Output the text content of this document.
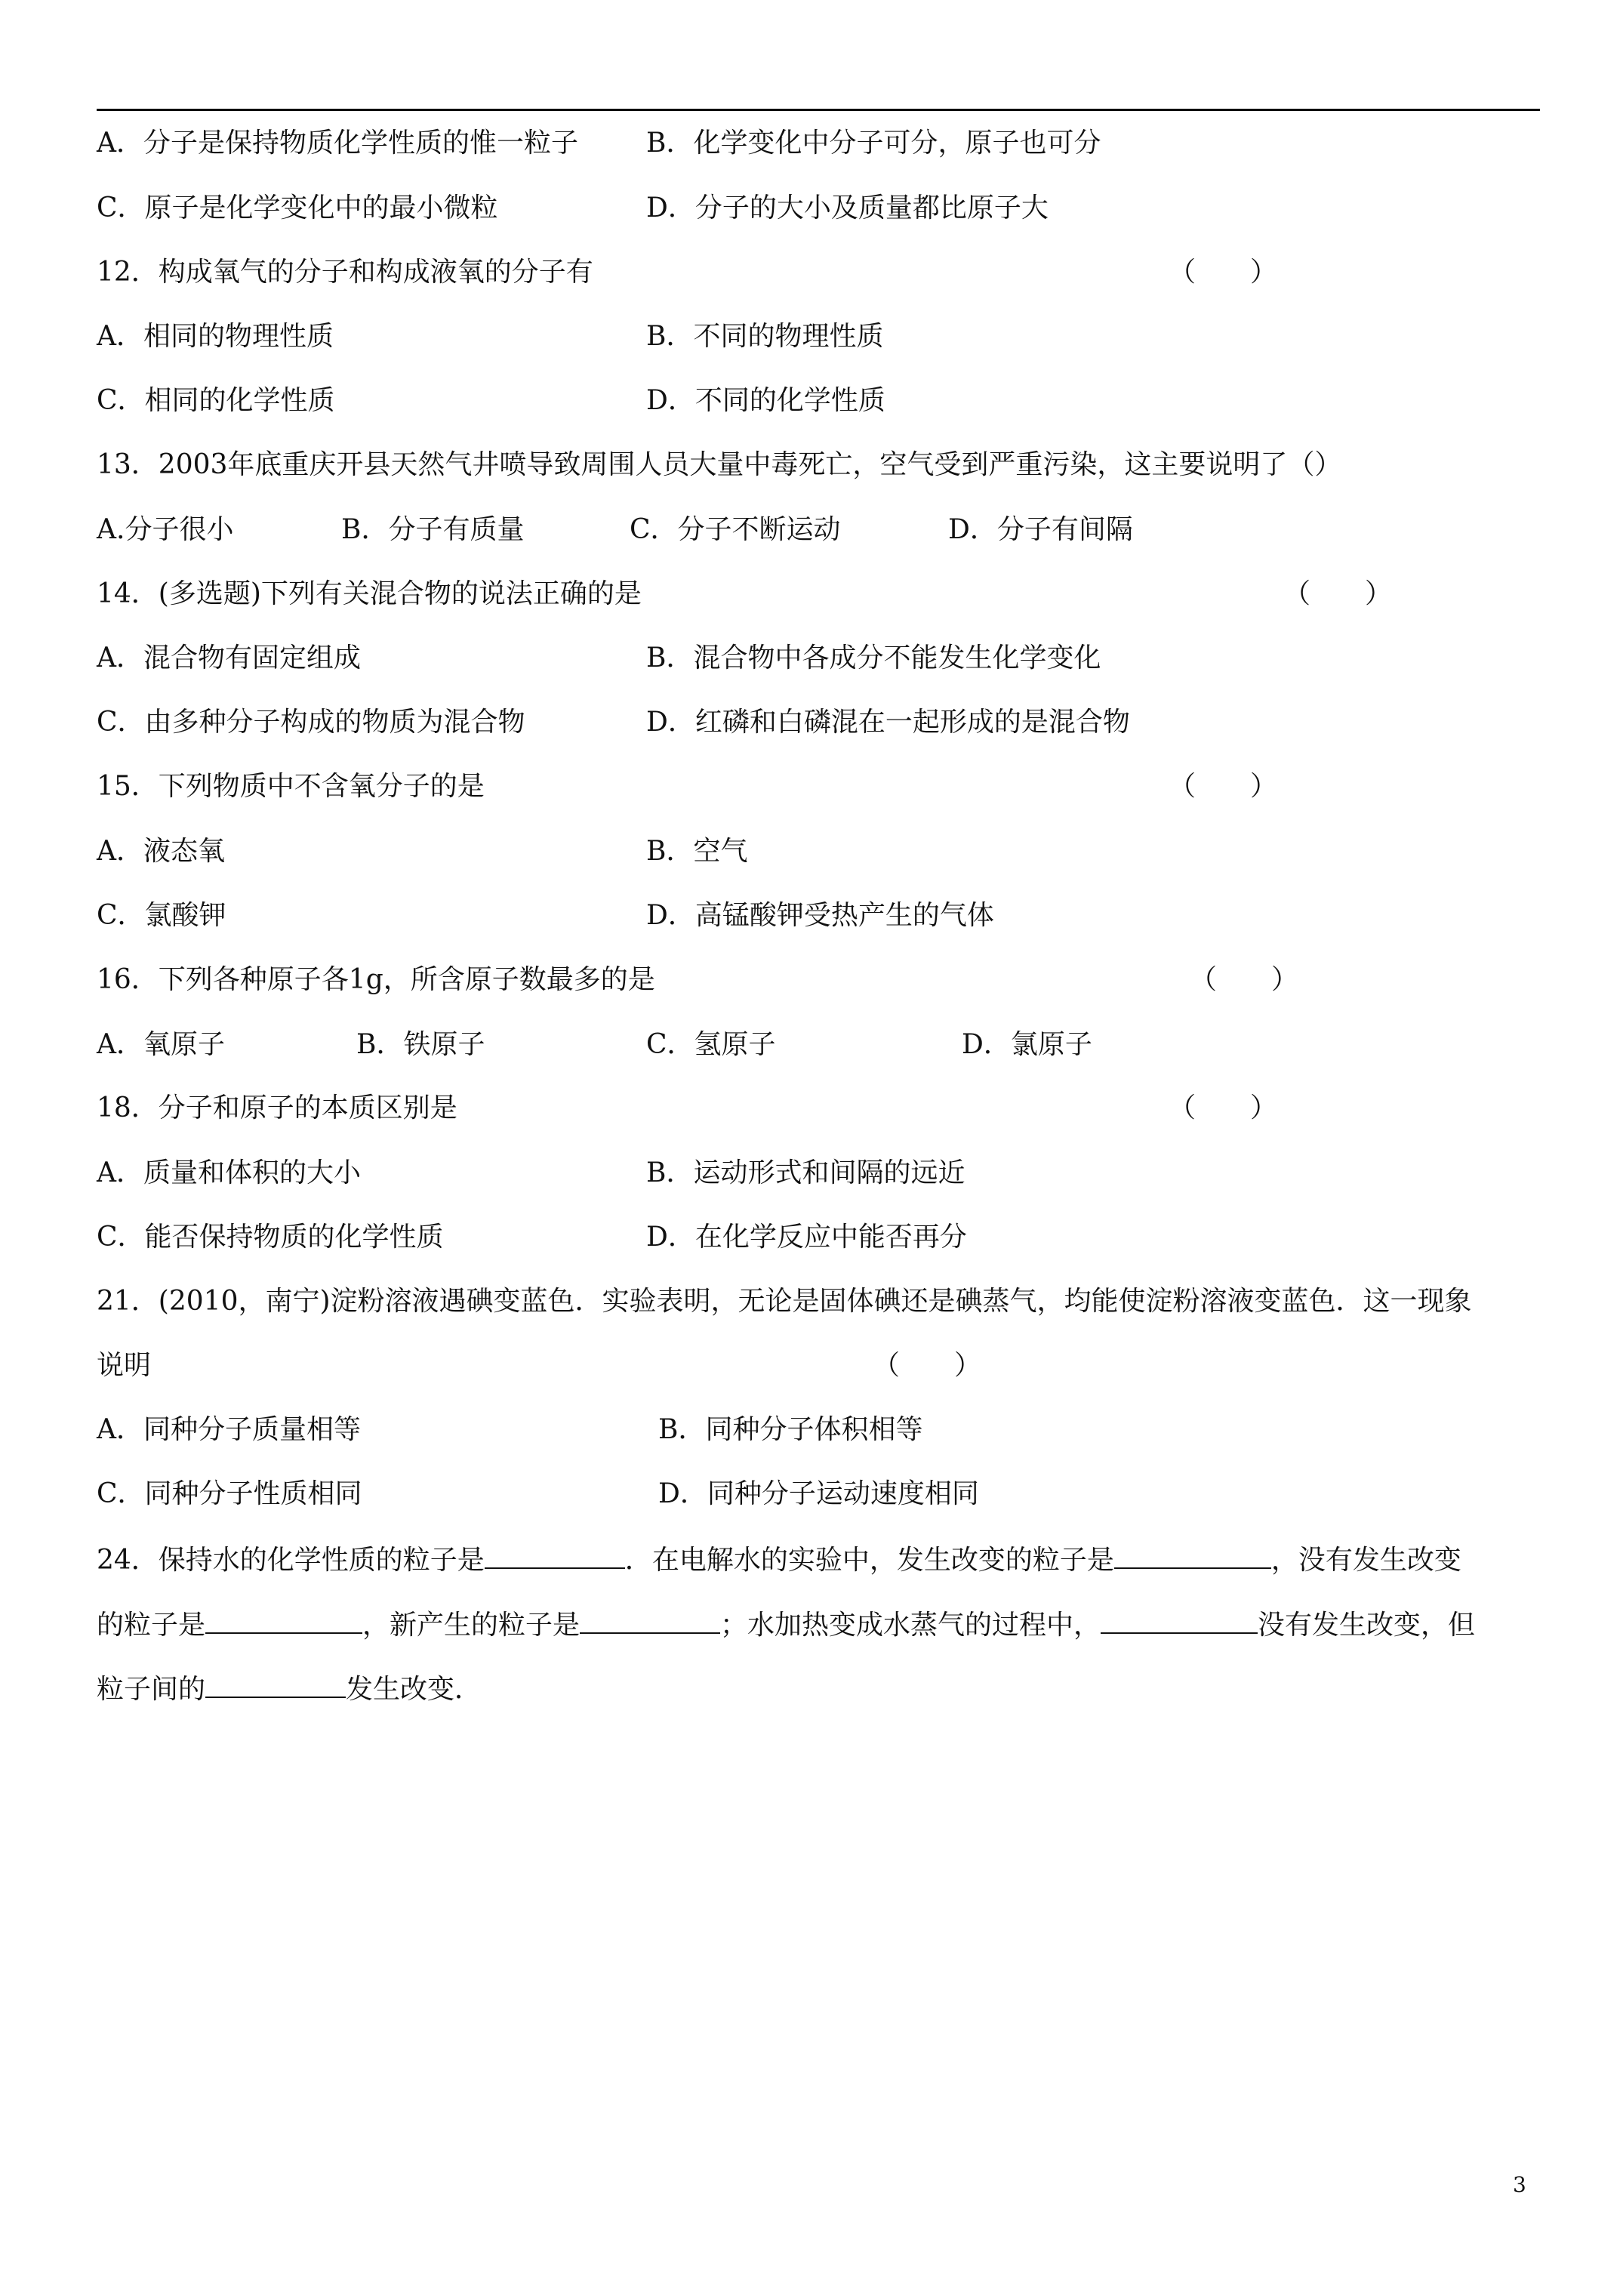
A．分子是保持物质化学性质的惟一粒子	B．化学变化中分子可分，原子也可分
C．原子是化学变化中的最小微粒	D．分子的大小及质量都比原子大
12．构成氧气的分子和构成液氧的分子有	（　　）
A．相同的物理性质	B．不同的物理性质
C．相同的化学性质	D．不同的化学性质
13．2003年底重庆开县天然气井喷导致周围人员大量中毒死亡，空气受到严重污染，这主要说明了（）
A.分子很小	B．分子有质量	C．分子不断运动	D．分子有间隔
14．(多选题)下列有关混合物的说法正确的是	（　　）
A．混合物有固定组成	B．混合物中各成分不能发生化学变化
C．由多种分子构成的物质为混合物	D．红磷和白磷混在一起形成的是混合物
15．下列物质中不含氧分子的是	（　　）
A．液态氧	B．空气
C．氯酸钾	D．高锰酸钾受热产生的气体
16．下列各种原子各1g，所含原子数最多的是	（　　）
A．氧原子	B．铁原子	C．氢原子	D．氯原子
18．分子和原子的本质区别是	（　　）
A．质量和体积的大小	B．运动形式和间隔的远近
C．能否保持物质的化学性质	D．在化学反应中能否再分
21．(2010，南宁)淀粉溶液遇碘变蓝色．实验表明，无论是固体碘还是碘蒸气，均能使淀粉溶液变蓝色．这一现象
说明	（　　）
A．同种分子质量相等	B．同种分子体积相等
C．同种分子性质相同	D．同种分子运动速度相同
24．保持水的化学性质的粒子是	．在电解水的实验中，发生改变的粒子是	，没有发生改变
的粒子是	，新产生的粒子是	；水加热变成水蒸气的过程中，	没有发生改变，但
粒子间的	发生改变．
3
